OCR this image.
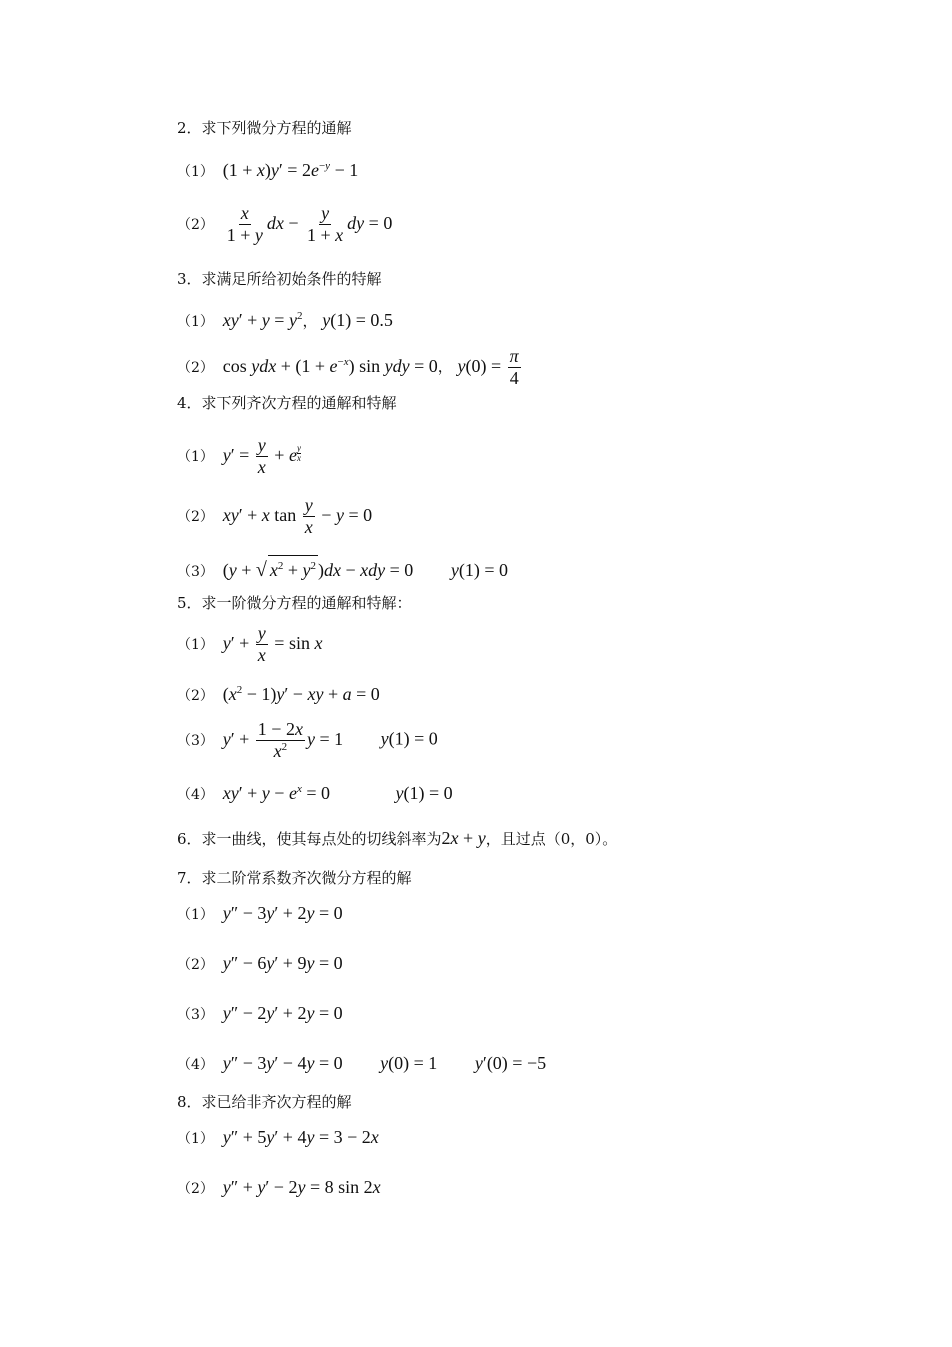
2．求下列微分方程的通解
（1） $(1 + x)y' = 2e^{-y} - 1$
$(2) \frac{x}{1 + y}$ dx − $\frac{y}{1 + x}$ dy = 0
3．求满足所给初始条件的特解
（1） $xy' + y = y^2$， y(1) = 0.5
（2） cos ydx + $(1 + e^{-x})$ sin ydy = 0， $y(0) = \frac{\pi}{4}$
4．求下列齐次方程的通解和特解
（1） $y' = \frac{y}{x} + e \frac{y}{x}$
（2） xy′ + x $\tan \frac{y}{x} - y = 0$
（3） (y + √ $x^2 + y^2$ )dx − xdy = 0 y(1) = 0
5．求一阶微分方程的通解和特解：
（1） $y' + \frac{y}{x} = \sin x$
（2） $(x^2 - 1)y'$ − xy + a = 0
（3） $y' + \frac{1 - 2x}{x^2}$ y = 1 y(1) = 0
（4） $xy' + y - e^x = 0$	y(1) = 0
6．求一曲线，使其每点处的切线斜率为2x + y，且过点（0，0）。
7．求二阶常系数齐次微分方程的解
（1） y″ − 3y′ + 2y = 0
（2） y″ − 6y′ + 9y = 0
（3） y″ − 2y′ + 2y = 0
（4） y″ − 3y′ − 4y = 0 y(0) = 1 y′(0) = −5
8．求已给非齐次方程的解
（1） y″ + 5y′ + 4y = 3 − 2x
（2） y″ + y′ − 2y = 8 sin 2x
